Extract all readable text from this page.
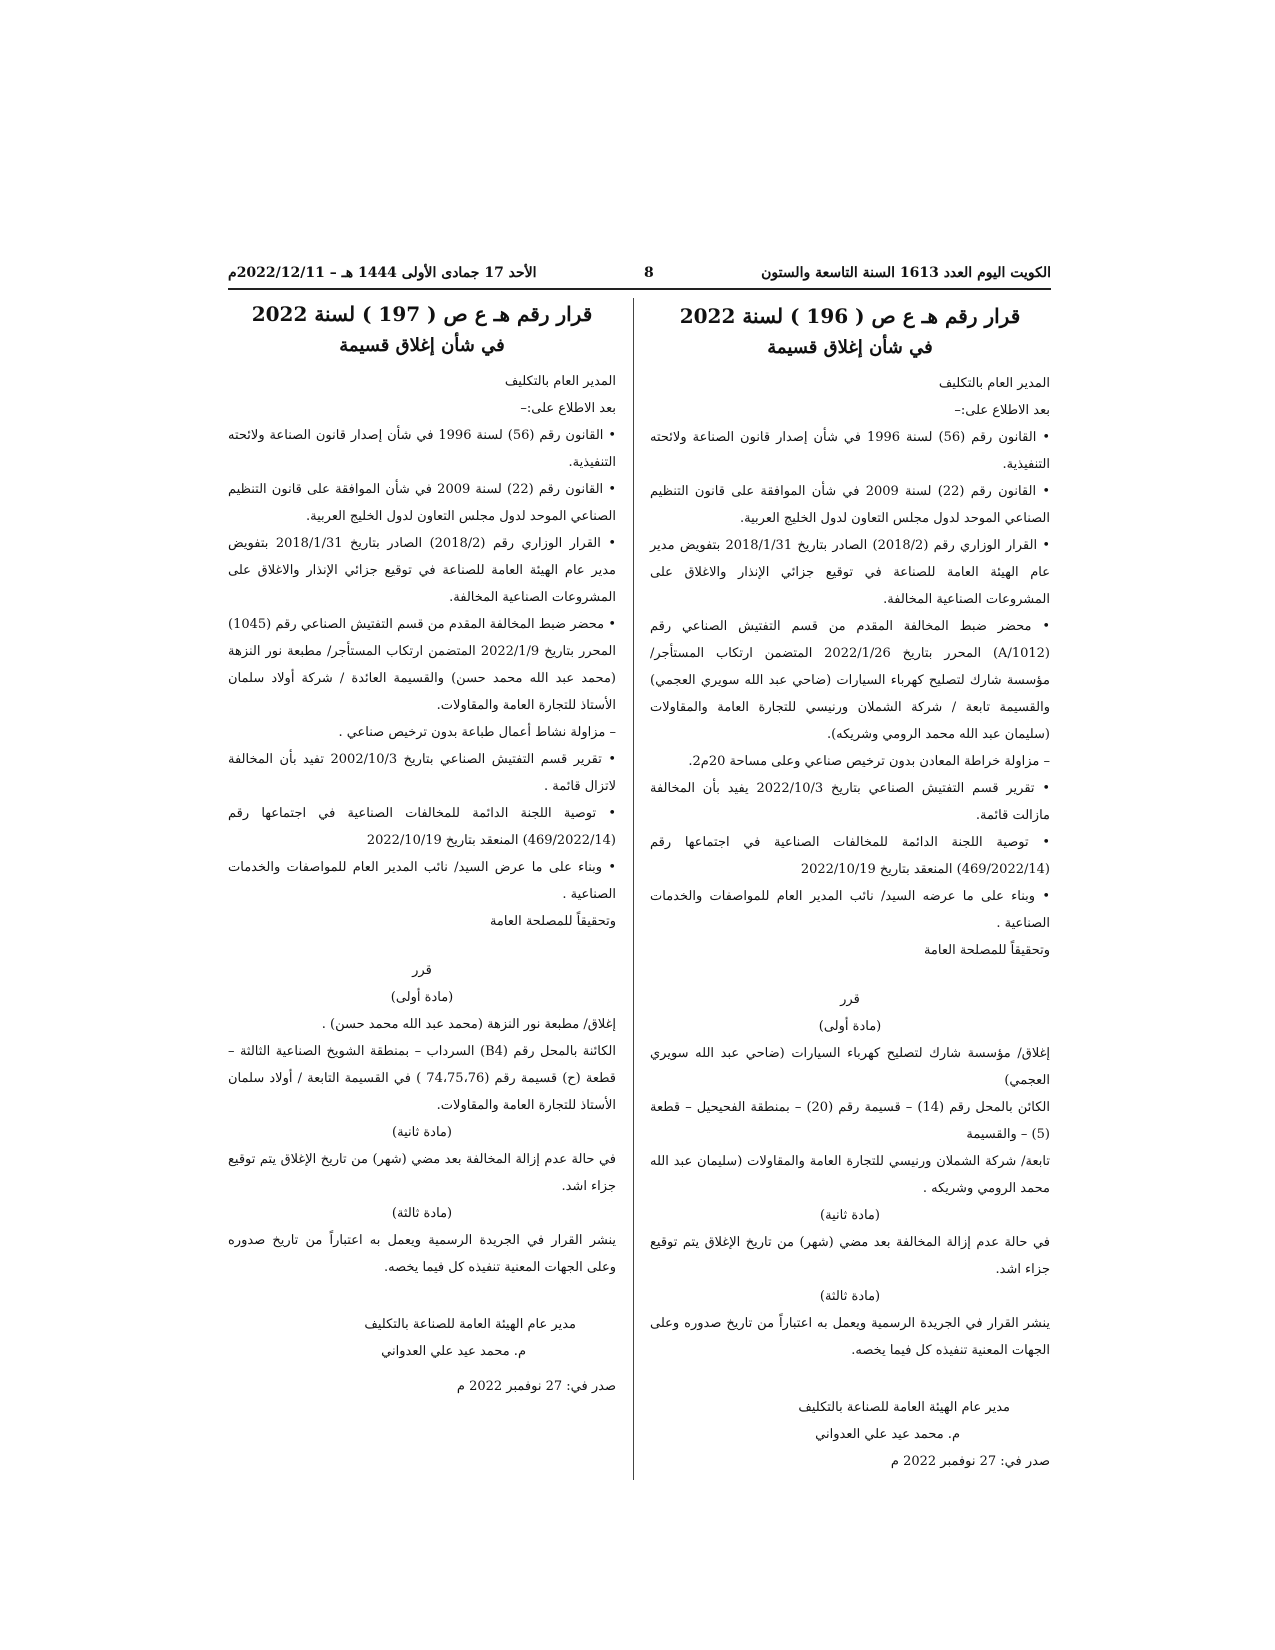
الكويت اليوم العدد 1613 السنة التاسعة والستون
8
الأحد 17 جمادى الأولى 1444 هـ – 2022/12/11م

قرار رقم هـ ع ص ( 196 ) لسنة 2022

في شأن إغلاق قسيمة

المدير العام بالتكليف

بعد الاطلاع على:–

• القانون رقم (56) لسنة 1996 في شأن إصدار قانون الصناعة ولائحته التنفيذية.

• القانون رقم (22) لسنة 2009 في شأن الموافقة على قانون التنظيم الصناعي الموحد لدول مجلس التعاون لدول الخليج العربية.

• القرار الوزاري رقم (2018/2) الصادر بتاريخ 2018/1/31 بتفويض مدير عام الهيئة العامة للصناعة في توقيع جزائي الإنذار والاغلاق على المشروعات الصناعية المخالفة.

• محضر ضبط المخالفة المقدم من قسم التفتيش الصناعي رقم (1012/A) المحرر بتاريخ 2022/1/26 المتضمن ارتكاب المستأجر/ مؤسسة شارك لتصليح كهرباء السيارات (ضاحي عبد الله سويري العجمي) والقسيمة تابعة / شركة الشملان ورنيسي للتجارة العامة والمقاولات (سليمان عبد الله محمد الرومي وشريكه).

– مزاولة خراطة المعادن بدون ترخيص صناعي وعلى مساحة 20م2.

• تقرير قسم التفتيش الصناعي بتاريخ 2022/10/3 يفيد بأن المخالفة مازالت قائمة.

• توصية اللجنة الدائمة للمخالفات الصناعية في اجتماعها رقم (469/2022/14) المنعقد بتاريخ 2022/10/19

• وبناء على ما عرضه السيد/ نائب المدير العام للمواصفات والخدمات الصناعية .

وتحقيقاً للمصلحة العامة

قرر

(مادة أولى)

إغلاق/ مؤسسة شارك لتصليح كهرباء السيارات (ضاحي عبد الله سويري العجمي)

الكائن بالمحل رقم (14) – قسيمة رقم (20) – بمنطقة الفحيحيل – قطعة (5) – والقسيمة

تابعة/ شركة الشملان ورنيسي للتجارة العامة والمقاولات (سليمان عبد الله محمد الرومي وشريكه .

(مادة ثانية)

في حالة عدم إزالة المخالفة بعد مضي (شهر) من تاريخ الإغلاق يتم توقيع جزاء اشد.

(مادة ثالثة)

ينشر القرار في الجريدة الرسمية ويعمل به اعتباراً من تاريخ صدوره وعلى الجهات المعنية تنفيذه كل فيما يخصه.

مدير عام الهيئة العامة للصناعة بالتكليف

م. محمد عيد علي العدواني

صدر في: 27 نوفمبر 2022 م

قرار رقم هـ ع ص ( 197 ) لسنة 2022

في شأن إغلاق قسيمة

المدير العام بالتكليف

بعد الاطلاع على:–

• القانون رقم (56) لسنة 1996 في شأن إصدار قانون الصناعة ولائحته التنفيذية.

• القانون رقم (22) لسنة 2009 في شأن الموافقة على قانون التنظيم الصناعي الموحد لدول مجلس التعاون لدول الخليج العربية.

• القرار الوزاري رقم (2018/2) الصادر بتاريخ 2018/1/31 بتفويض مدير عام الهيئة العامة للصناعة في توقيع جزائي الإنذار والاغلاق على المشروعات الصناعية المخالفة.

• محضر ضبط المخالفة المقدم من قسم التفتيش الصناعي رقم (1045) المحرر بتاريخ 2022/1/9 المتضمن ارتكاب المستأجر/ مطبعة نور النزهة (محمد عبد الله محمد حسن) والقسيمة العائدة / شركة أولاد سلمان الأستاذ للتجارة العامة والمقاولات.

– مزاولة نشاط أعمال طباعة بدون ترخيص صناعي .

• تقرير قسم التفتيش الصناعي بتاريخ 2002/10/3 تفيد بأن المخالفة لاتزال قائمة .

• توصية اللجنة الدائمة للمخالفات الصناعية في اجتماعها رقم (469/2022/14) المنعقد بتاريخ 2022/10/19

• وبناء على ما عرض السيد/ نائب المدير العام للمواصفات والخدمات الصناعية .

وتحقيقاً للمصلحة العامة

قرر

(مادة أولى)

إغلاق/ مطبعة نور النزهة (محمد عبد الله محمد حسن) .

الكائنة بالمحل رقم (B4) السرداب – بمنطقة الشويخ الصناعية الثالثة – قطعة (ح) قسيمة رقم (74،75،76 ) في القسيمة التابعة / أولاد سلمان الأستاذ للتجارة العامة والمقاولات.

(مادة ثانية)

في حالة عدم إزالة المخالفة بعد مضي (شهر) من تاريخ الإغلاق يتم توقيع جزاء اشد.

(مادة ثالثة)

ينشر القرار في الجريدة الرسمية ويعمل به اعتباراً من تاريخ صدوره وعلى الجهات المعنية تنفيذه كل فيما يخصه.

مدير عام الهيئة العامة للصناعة بالتكليف

م. محمد عيد علي العدواني

صدر في: 27 نوفمبر 2022 م
